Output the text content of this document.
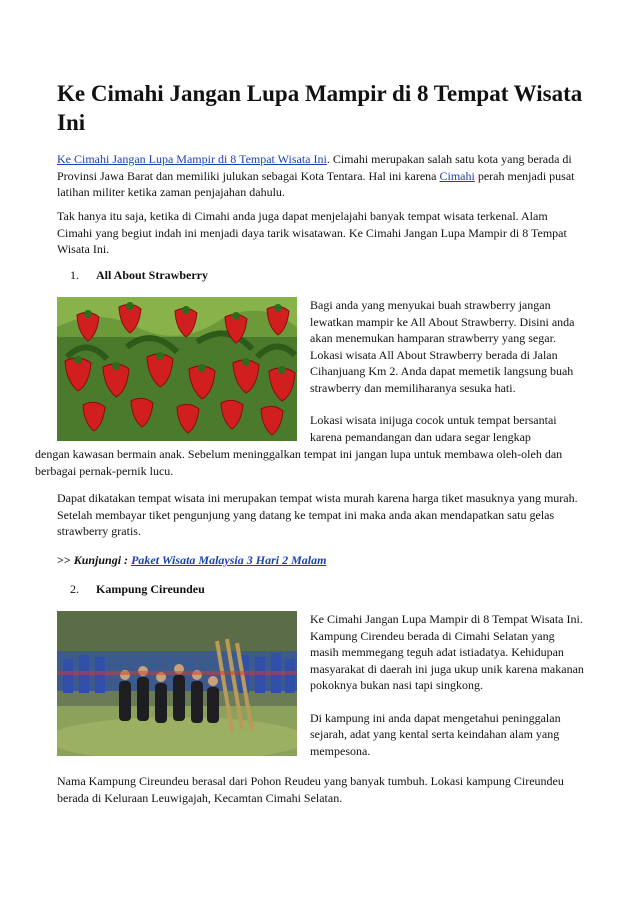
Ke Cimahi Jangan Lupa Mampir di 8 Tempat Wisata Ini

Ke Cimahi Jangan Lupa Mampir di 8 Tempat Wisata Ini. Cimahi merupakan salah satu kota yang berada di Provinsi Jawa Barat dan memiliki julukan sebagai Kota Tentara. Hal ini karena Cimahi perah menjadi pusat latihan militer ketika zaman penjajahan dahulu.

Tak hanya itu saja, ketika di Cimahi anda juga dapat menjelajahi banyak tempat wisata terkenal. Alam Cimahi yang begiut indah ini menjadi daya tarik wisatawan. Ke Cimahi Jangan Lupa Mampir di 8 Tempat Wisata Ini.

1. All About Strawberry

Bagi anda yang menyukai buah strawberry jangan lewatkan mampir ke All About Strawberry. Disini anda akan menemukan hamparan strawberry yang segar. Lokasi wisata All About Strawberry berada di Jalan Cihanjuang Km 2. Anda dapat memetik langsung buah strawberry dan memiliharanya sesuka hati.

Lokasi wisata inijuga cocok untuk tempat bersantai karena pemandangan dan udara segar lengkap

dengan kawasan bermain anak. Sebelum meninggalkan tempat ini jangan lupa untuk membawa oleh-oleh dan berbagai pernak-pernik lucu.

Dapat dikatakan tempat wisata ini merupakan tempat wista murah karena harga tiket masuknya yang murah. Setelah membayar tiket pengunjung yang datang ke tempat ini maka anda akan mendapatkan satu gelas strawberry gratis.

>> Kunjungi : Paket Wisata Malaysia 3 Hari 2 Malam

2. Kampung Cireundeu

Ke Cimahi Jangan Lupa Mampir di 8 Tempat Wisata Ini. Kampung Cirendeu berada di Cimahi Selatan yang masih memmegang teguh adat istiadatya. Kehidupan masyarakat di daerah ini juga ukup unik karena makanan pokoknya bukan nasi tapi singkong.

Di kampung ini anda dapat mengetahui peninggalan sejarah, adat yang kental serta keindahan alam yang mempesona.

Nama Kampung Cireundeu berasal dari Pohon Reudeu yang banyak tumbuh. Lokasi kampung Cireundeu berada di Keluraan Leuwigajah, Kecamtan Cimahi Selatan.
